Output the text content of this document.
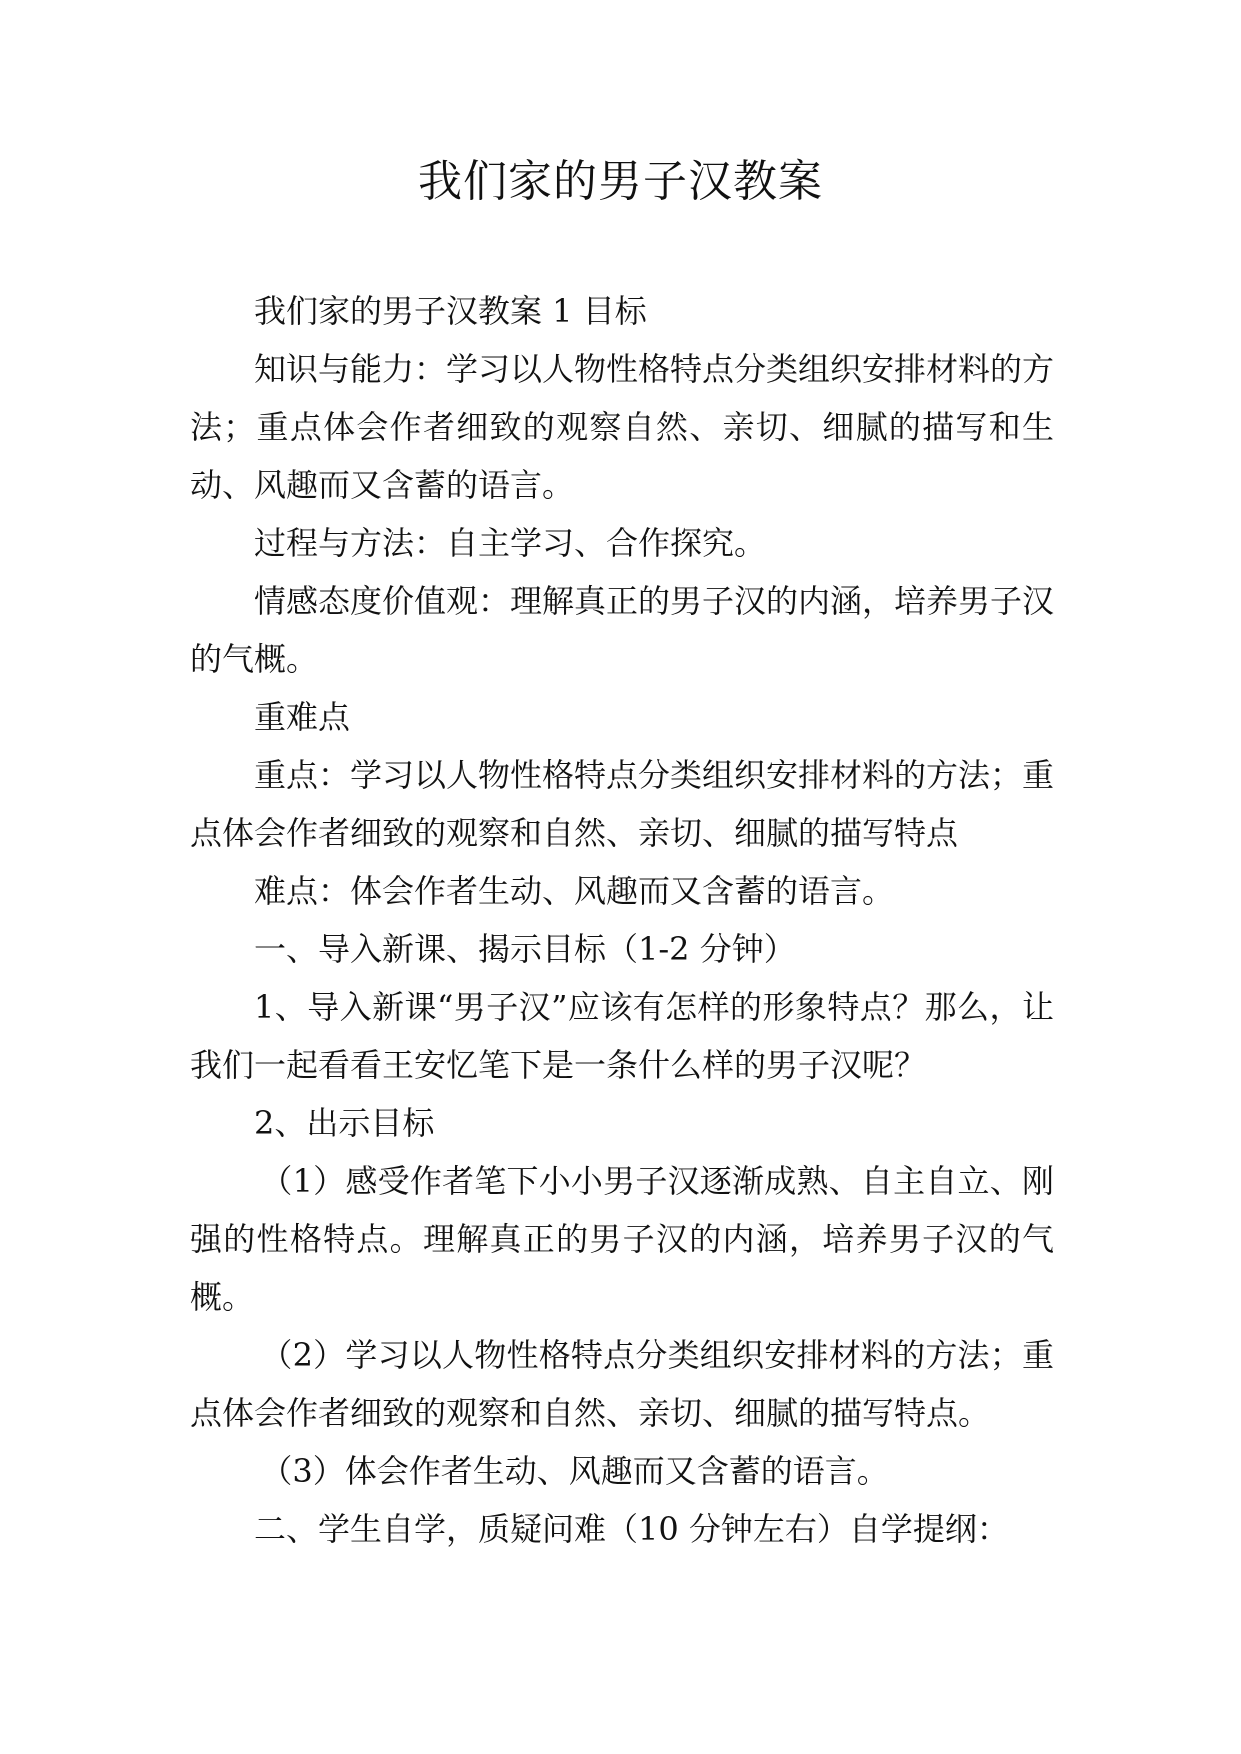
我们家的男子汉教案

我们家的男子汉教案 1 目标

知识与能力：学习以人物性格特点分类组织安排材料的方法；重点体会作者细致的观察自然、亲切、细腻的描写和生动、风趣而又含蓄的语言。

过程与方法：自主学习、合作探究。

情感态度价值观：理解真正的男子汉的内涵，培养男子汉的气概。

重难点

重点：学习以人物性格特点分类组织安排材料的方法；重点体会作者细致的观察和自然、亲切、细腻的描写特点

难点：体会作者生动、风趣而又含蓄的语言。

一、导入新课、揭示目标（1-2 分钟）

1、导入新课“男子汉”应该有怎样的形象特点？那么，让我们一起看看王安忆笔下是一条什么样的男子汉呢？

2、出示目标

（1）感受作者笔下小小男子汉逐渐成熟、自主自立、刚强的性格特点。理解真正的男子汉的内涵，培养男子汉的气概。

（2）学习以人物性格特点分类组织安排材料的方法；重点体会作者细致的观察和自然、亲切、细腻的描写特点。

（3）体会作者生动、风趣而又含蓄的语言。

二、学生自学，质疑问难（10 分钟左右）自学提纲：
